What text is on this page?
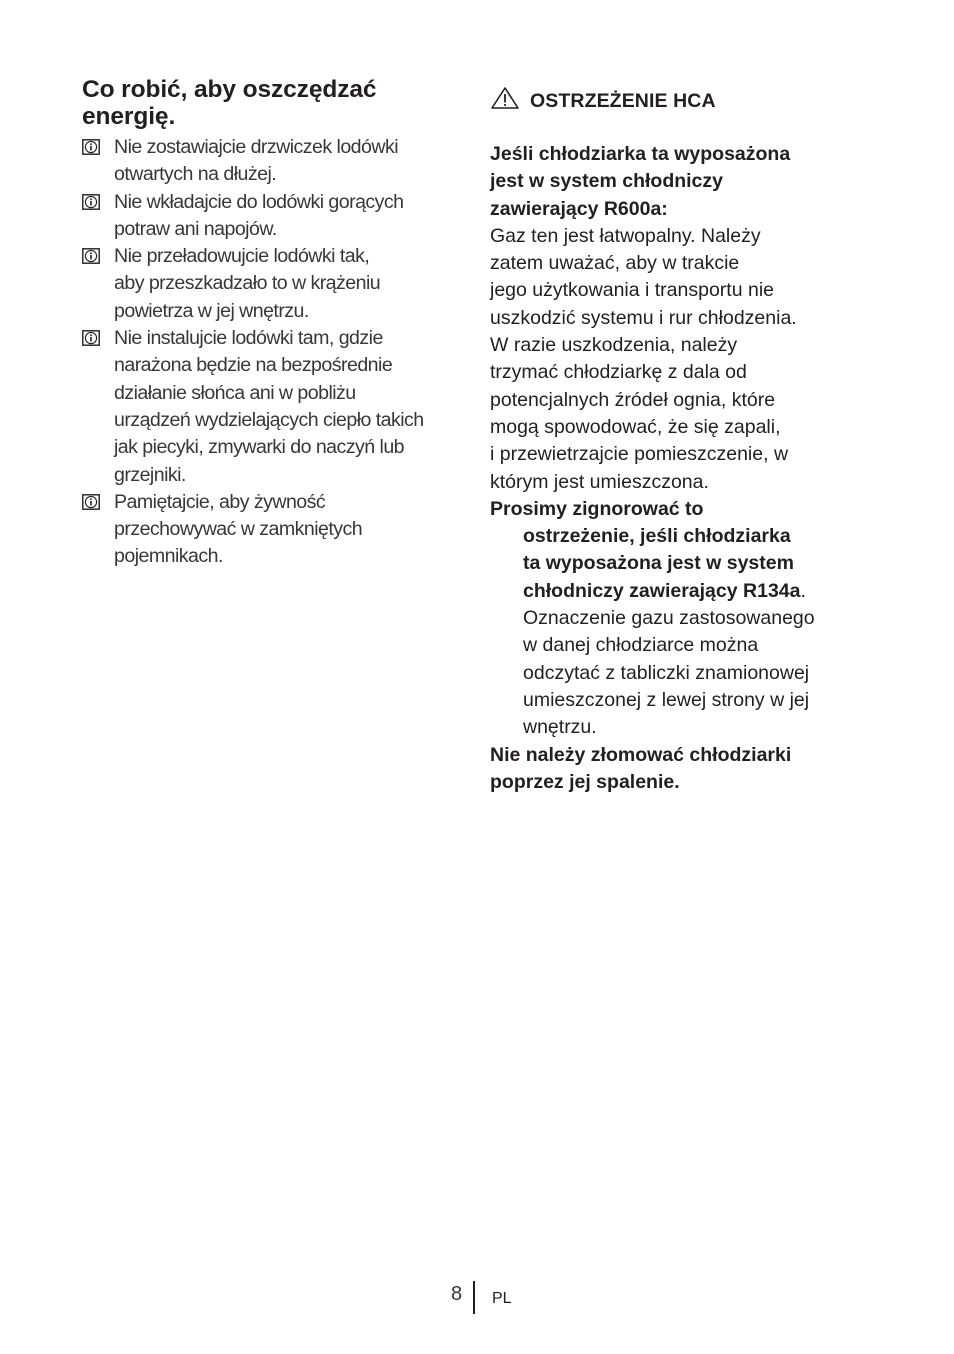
Co robić, aby oszczędzać
energię.
Nie zostawiajcie drzwiczek lodówki
otwartych na dłużej.
Nie wkładajcie do lodówki gorących
potraw ani napojów.
Nie przeładowujcie lodówki tak,
aby przeszkadzało to w krążeniu
powietrza w jej wnętrzu.
Nie instalujcie lodówki tam, gdzie
narażona będzie na bezpośrednie
działanie słońca ani w pobliżu
urządzeń wydzielających ciepło takich
jak piecyki, zmywarki do naczyń lub
grzejniki.
Pamiętajcie, aby żywność
przechowywać w zamkniętych
pojemnikach.
OSTRZEŻENIE HCA
Jeśli chłodziarka ta wyposażona
jest w system chłodniczy
zawierający R600a:
Gaz ten jest łatwopalny. Należy
zatem uważać, aby w trakcie
jego użytkowania i transportu nie
uszkodzić systemu i rur chłodzenia.
W razie uszkodzenia, należy
trzymać chłodziarkę z dala od
potencjalnych źródeł ognia, które
mogą spowodować, że się zapali,
i przewietrzajcie pomieszczenie, w
którym jest umieszczona.
Prosimy zignorować to
ostrzeżenie, jeśli chłodziarka
ta wyposażona jest w system
chłodniczy zawierający R134a.
Oznaczenie gazu zastosowanego
w danej chłodziarce można
odczytać z tabliczki znamionowej
umieszczonej z lewej strony w jej
wnętrzu.
Nie należy złomować chłodziarki
poprzez jej spalenie.
8 PL
